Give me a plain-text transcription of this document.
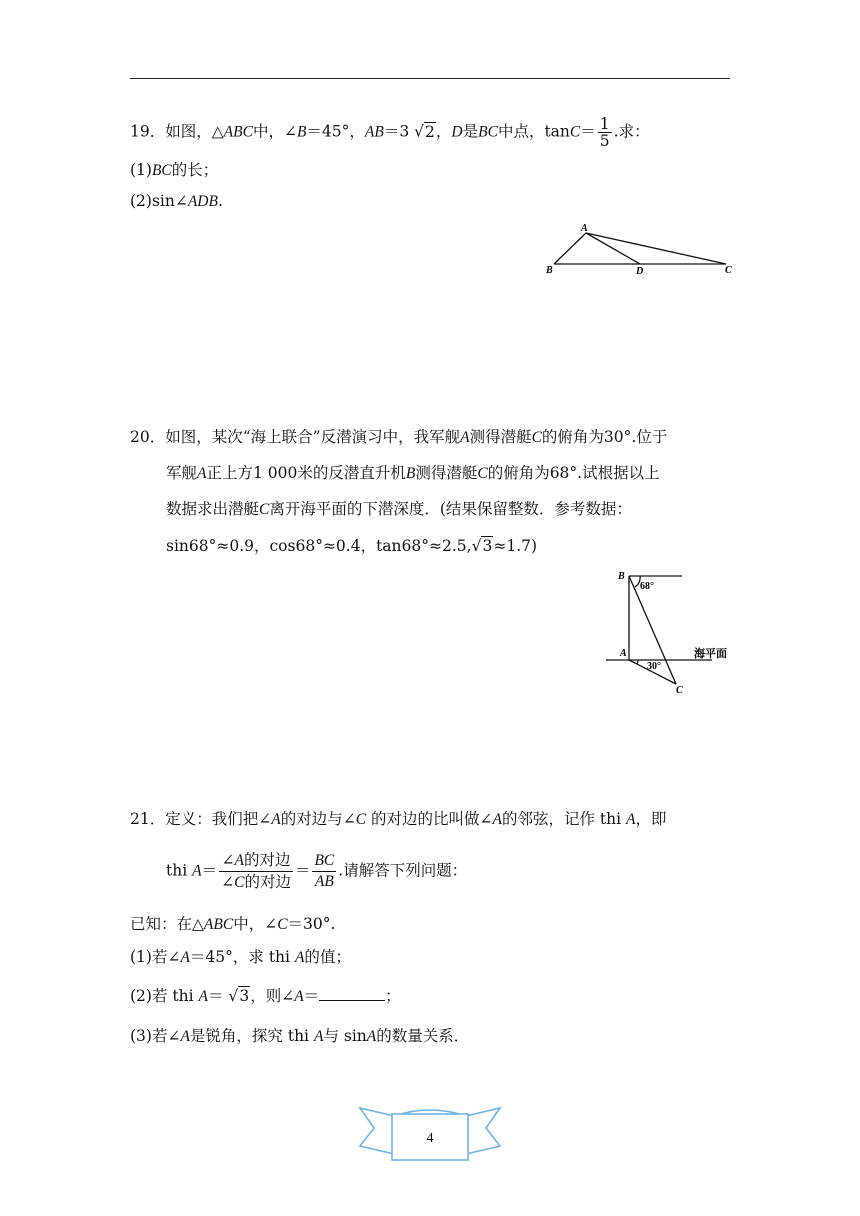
19．如图，△ABC中，∠B＝45°，AB＝3 √2，D是BC中点，$\tan C= \frac{1}{5}$ .求：
(1)BC的长；
(2)sin∠ADB.
A
B	D	C
20．如图，某次“海上联合”反潜演习中，我军舰A测得潜艇C的俯角为30°.位于
军舰A正上方1 000米的反潜直升机B测得潜艇C的俯角为68°.试根据以上
数据求出潜艇C离开海平面的下潜深度．(结果保留整数．参考数据：
sin68°≈0.9，cos68°≈0.4，tan68°≈2.5,√3≈1.7)
B
68°
A
30°
海平面
C
21．定义：我们把∠A的对边与∠C 的对边的比叫做∠A的邻弦，记作 thi A，即
thi $A= \frac{\text{∠A的对边}}{\text{∠C的对边}} = \frac{BC}{AB}$ .请解答下列问题：
已知：在△ABC中，∠C＝30°.
(1)若∠A＝45°，求 thi A的值；
(2)若 thi A＝ √3，则∠A＝	；
(3)若∠A是锐角，探究 thi A与 sinA的数量关系．
4
